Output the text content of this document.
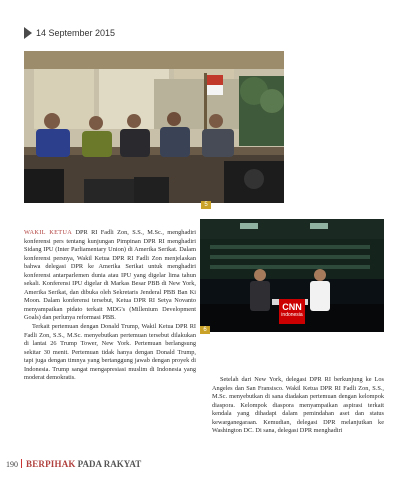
14 September 2015
5
CNN
indonesia
6

WAKIL KETUA DPR RI Fadli Zon, S.S., M.Sc., menghadiri konferensi pers tentang kunjungan Pimpinan DPR RI menghadiri Sidang IPU (Inter Parliamentary Union) di Amerika Serikat. Dalam konferensi persnya, Wakil Ketua DPR RI Fadli Zon menjelaskan bahwa delegasi DPR ke Amerika Serikat untuk menghadiri konferensi antarparlemen dunia atau IPU yang digelar lima tahun sekali. Konferensi IPU digelar di Markas Besar PBB di New York, Amerika Serikat, dan dibuka oleh Sekretaris Jenderal PBB Ban Ki Moon. Dalam konferensi tersebut, Ketua DPR RI Setya Novanto menyampaikan pidato terkait MDG's (Millenium Development Goals) dan perlunya reformasi PBB.

Terkait pertemuan dengan Donald Trump, Wakil Ketua DPR RI Fadli Zon, S.S., M.Sc. menyebutkan pertemuan tersebut dilakukan di lantai 26 Trump Tower, New York. Pertemuan berlangsung sekitar 30 menit. Pertemuan tidak hanya dengan Donald Trump, tapi juga dengan timnya yang bertanggung jawab dengan proyek di Indonesia. Trump sangat mengapresiasi muslim di Indonesia yang moderat demokratis.	Setelah dari New York, delegasi DPR RI berkunjung ke Los Angeles dan San Fransisco. Wakil Ketua DPR RI Fadli Zon, S.S., M.Sc. menyebutkan di sana diadakan pertemuan dengan kelompok diaspora. Kelompok diaspora menyampaikan aspirasi terkait kendala yang dihadapi dalam pemindahan aset dan status kewarganegaraan. Kemudian, delegasi DPR melanjutkan ke Washington DC. Di sana, delegasi DPR menghadiri

190 BERPIHAK PADA RAKYAT
